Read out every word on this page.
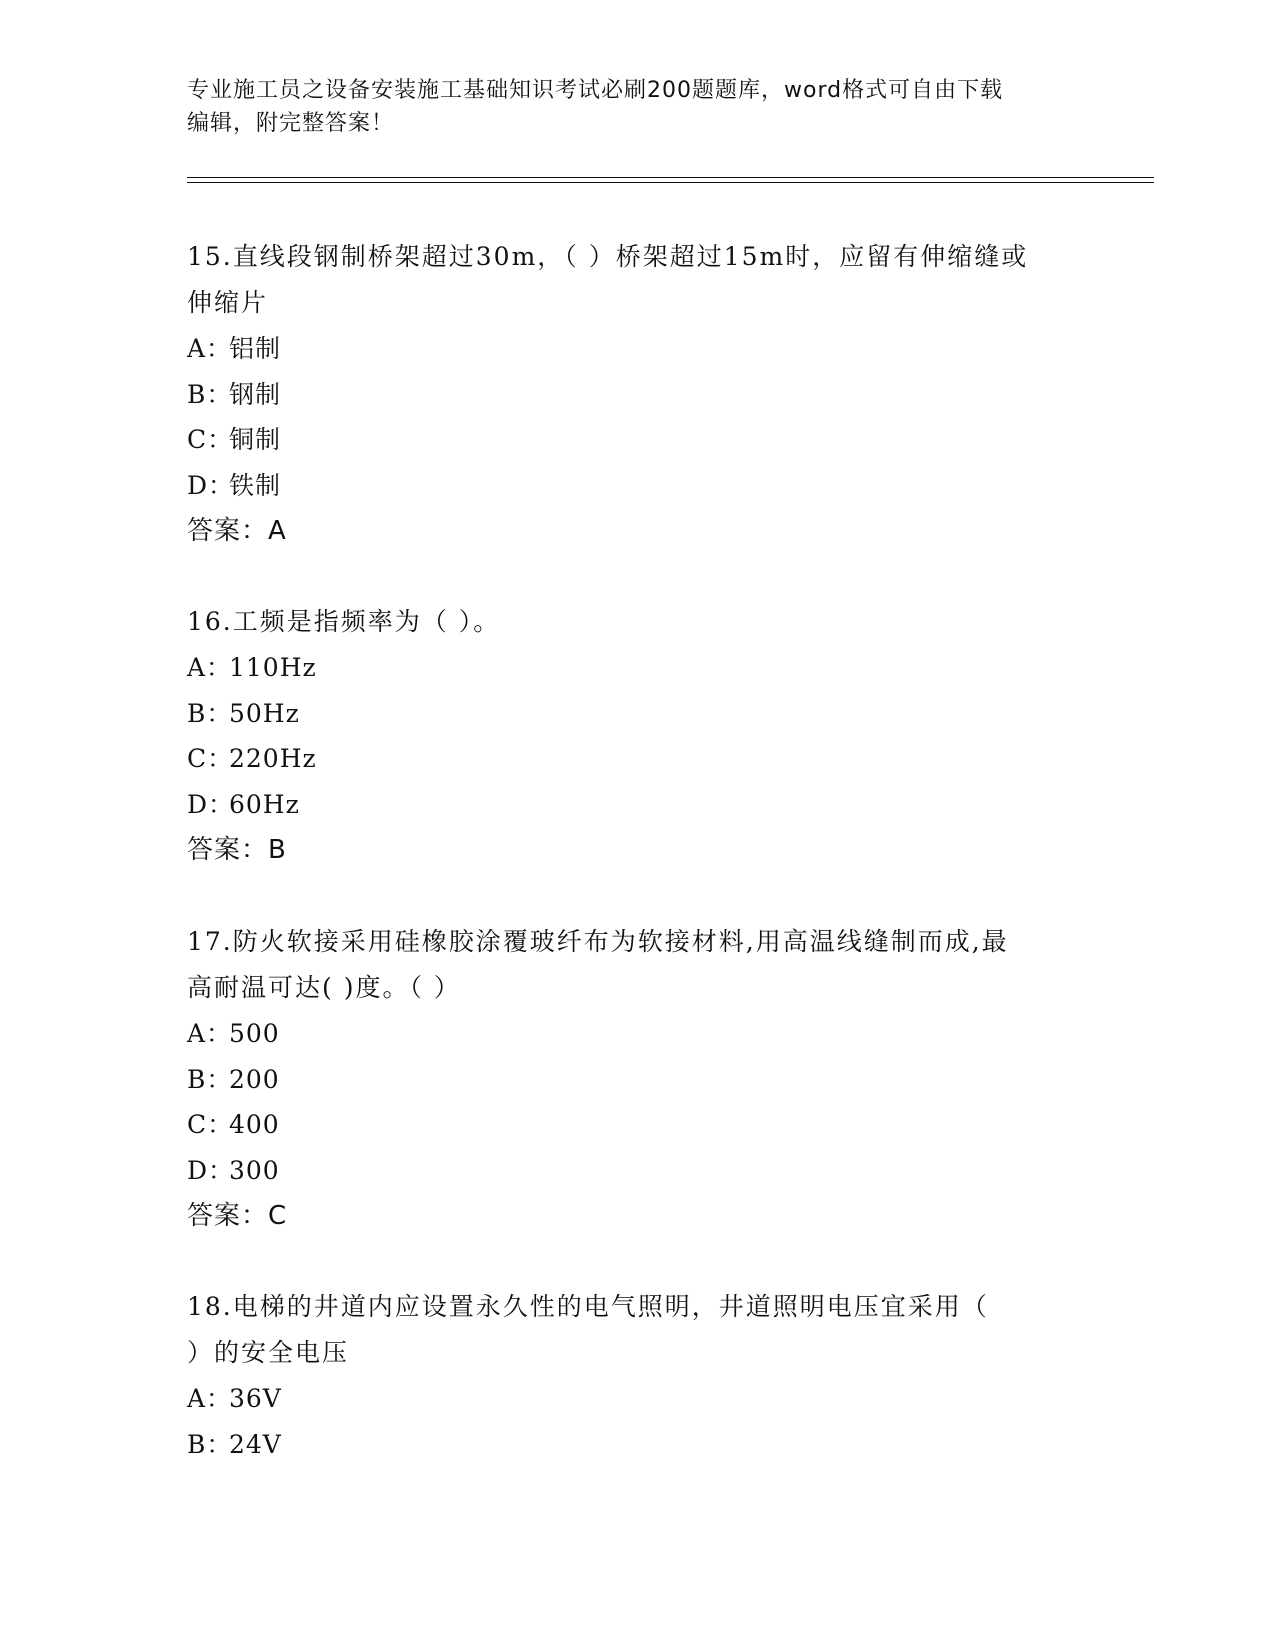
专业施工员之设备安装施工基础知识考试必刷200题题库，word格式可自由下载
编辑，附完整答案！
15.直线段钢制桥架超过30m，（ ）桥架超过15m时，应留有伸缩缝或
伸缩片
A：
铝制
B：
钢制
C：
铜制
D：
铁制
答案： A
16.工频是指频率为（ ）。
A：
110Hz
B：
50Hz
C：
220Hz
D：
60Hz
答案： B
17.防火软接采用硅橡胶涂覆玻纤布为软接材料,用高温线缝制而成,最
高耐温可达( )度。（ ）
A：
500
B：
200
C：
400
D：
300
答案： C
18.电梯的井道内应设置永久性的电气照明，井道照明电压宜采用（
）的安全电压
A：
36V
B：
24V
